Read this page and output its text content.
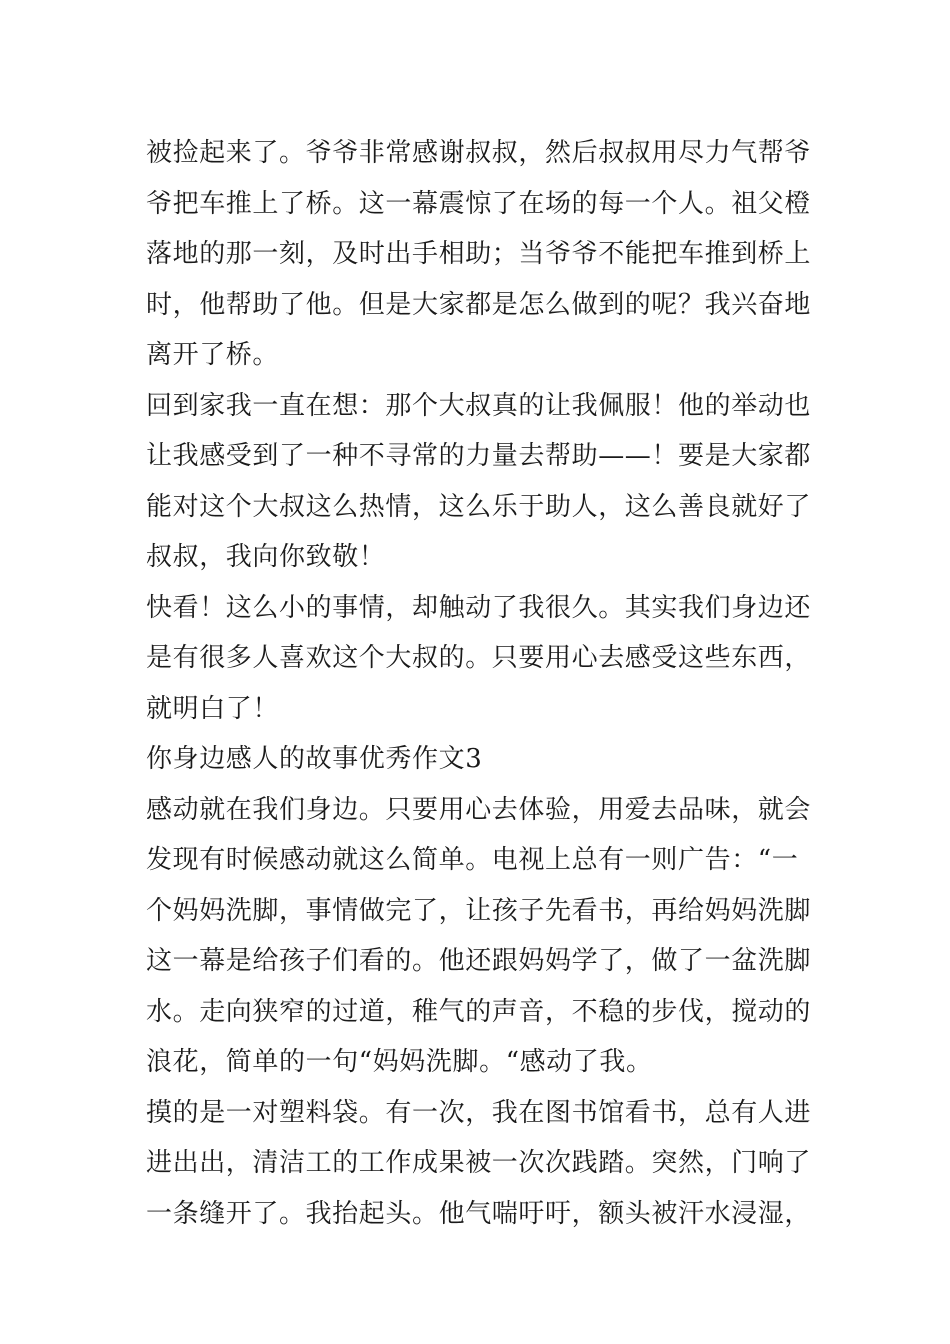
被捡起来了。爷爷非常感谢叔叔，然后叔叔用尽力气帮爷
爷把车推上了桥。这一幕震惊了在场的每一个人。祖父橙
落地的那一刻，及时出手相助；当爷爷不能把车推到桥上
时，他帮助了他。但是大家都是怎么做到的呢？我兴奋地
离开了桥。
回到家我一直在想：那个大叔真的让我佩服！他的举动也
让我感受到了一种不寻常的力量去帮助——！要是大家都
能对这个大叔这么热情，这么乐于助人，这么善良就好了
叔叔，我向你致敬！
快看！这么小的事情，却触动了我很久。其实我们身边还
是有很多人喜欢这个大叔的。只要用心去感受这些东西，
就明白了！
你身边感人的故事优秀作文3
感动就在我们身边。只要用心去体验，用爱去品味，就会
发现有时候感动就这么简单。电视上总有一则广告：“一
个妈妈洗脚，事情做完了，让孩子先看书，再给妈妈洗脚
这一幕是给孩子们看的。他还跟妈妈学了，做了一盆洗脚
水。走向狭窄的过道，稚气的声音，不稳的步伐，搅动的
浪花，简单的一句“妈妈洗脚。“感动了我。
摸的是一对塑料袋。有一次，我在图书馆看书，总有人进
进出出，清洁工的工作成果被一次次践踏。突然，门响了
一条缝开了。我抬起头。他气喘吁吁，额头被汗水浸湿，
